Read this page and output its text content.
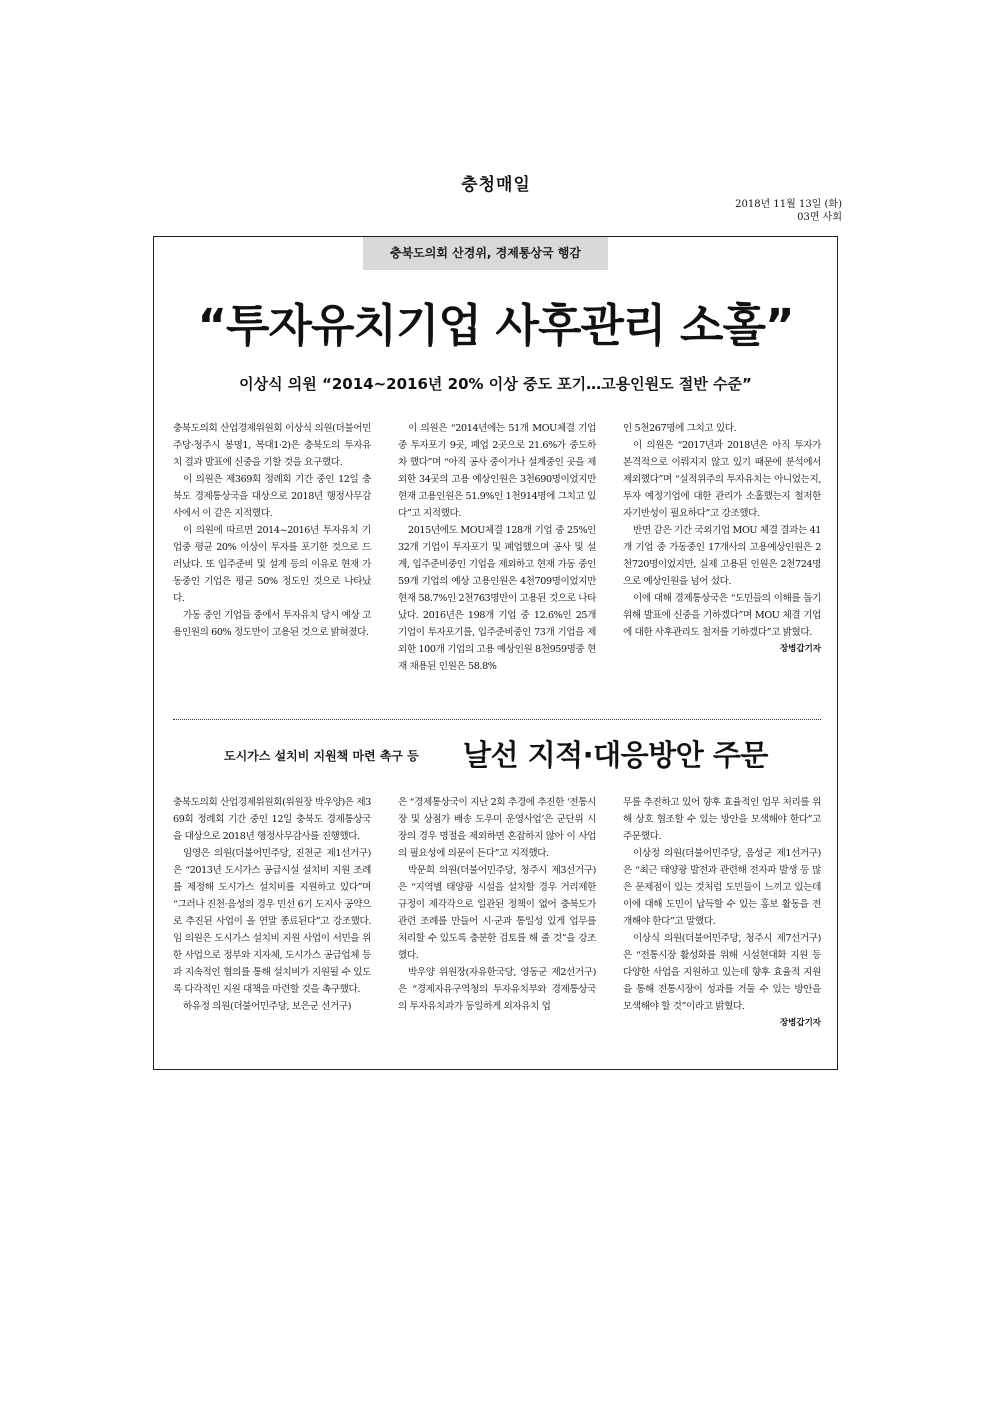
충청매일
2018년 11월 13일 (화)
03면 사회
충북도의회 산경위, 경제통상국 행감
“투자유치기업 사후관리 소홀”
이상식 의원 “2014~2016년 20% 이상 중도 포기…고용인원도 절반 수준”

충북도의회 산업경제위원회 이상식 의원(더불어민주당·청주시 봉명1, 복대1·2)은 충북도의 투자유치 결과 발표에 신중을 기할 것을 요구했다.

이 의원은 제369회 정례회 기간 중인 12일 충북도 경제통상국을 대상으로 2018년 행정사무감사에서 이 같은 지적했다.

이 의원에 따르면 2014~2016년 투자유치 기업중 평균 20% 이상이 투자를 포기한 것으로 드러났다. 또 입주준비 및 설계 등의 이유로 현재 가동중인 기업은 평균 50% 정도인 것으로 나타났다.

가동 중인 기업들 중에서 투자유치 당시 예상 고용인원의 60% 정도만이 고용된 것으로 밝혀졌다.

이 의원은 “2014년에는 51개 MOU체결 기업 중 투자포기 9곳, 폐업 2곳으로 21.6%가 중도하차 했다”며 “아직 공사 중이거나 설계중인 곳을 제외한 34곳의 고용 예상인원은 3천690명이었지만 현재 고용인원은 51.9%인 1천914명에 그치고 있다”고 지적했다.

2015년에도 MOU체결 128개 기업 중 25%인 32개 기업이 투자포기 및 폐업했으며 공사 및 설계, 입주준비중인 기업을 제외하고 현재 가동 중인 59개 기업의 예상 고용인원은 4천709명이었지만 현재 58.7%인 2천763명만이 고용된 것으로 나타났다. 2016년은 198개 기업 중 12.6%인 25개 기업이 투자포기를, 입주준비중인 73개 기업을 제외한 100개 기업의 고용 예상인원 8천959명중 현재 채용된 인원은 58.8%

인 5천267명에 그치고 있다.

이 의원은 “2017년과 2018년은 아직 투자가 본격적으로 이뤄지지 않고 있기 때문에 분석에서 제외했다”며 “실적위주의 투자유치는 아니었는지, 투자 예정기업에 대한 관리가 소홀했는지 철저한 자기반성이 필요하다”고 강조했다.

반면 같은 기간 국외기업 MOU 체결 결과는 41개 기업 중 가동중인 17개사의 고용예상인원은 2천720명이었지만, 실제 고용된 인원은 2천724명으로 예상인원을 넘어 섰다.

이에 대해 경제통상국은 “도민들의 이해를 돕기 위해 발표에 신중을 기하겠다”며 MOU 체결 기업에 대한 사후관리도 철저를 기하겠다”고 밝혔다.

장병갑기자
도시가스 설치비 지원책 마련 촉구 등 날선 지적·대응방안 주문

충북도의회 산업경제위원회(위원장 박우양)은 제369회 정례회 기간 중인 12일 충북도 경제통상국을 대상으로 2018년 행정사무감사를 진행했다.

임영은 의원(더불어민주당, 진천군 제1선거구)은 “2013년 도시가스 공급시설 설치비 지원 조례를 제정해 도시가스 설치비를 지원하고 있다”며 “그러나 진천·음성의 경우 민선 6기 도지사 공약으로 추진된 사업이 올 연말 종료된다”고 강조했다. 임 의원은 도시가스 설치비 지원 사업이 서민을 위한 사업으로 정부와 지자체, 도시가스 공급업체 등과 지속적인 협의를 통해 설치비가 지원될 수 있도록 다각적인 지원 대책을 마련할 것을 촉구했다.

하유정 의원(더불어민주당, 보은군 선거구)

은 “경제통상국이 지난 2회 추경에 추진한 ‘전통시장 및 상점가 배송 도우미 운영사업’은 군단위 시장의 경우 명절을 제외하면 혼잡하지 않아 이 사업의 필요성에 의문이 든다”고 지적했다.

박문희 의원(더불어민주당, 청주시 제3선거구)은 “지역별 태양광 시설을 설치할 경우 거리제한 규정이 제각각으로 일관된 정책이 없어 충북도가 관련 조례를 만들어 시·군과 통일성 있게 업무를 처리할 수 있도록 충분한 검토를 해 줄 것”을 강조했다.

박우양 위원장(자유한국당, 영동군 제2선거구)은 “경제자유구역청의 투자유치부와 경제통상국의 투자유치과가 동일하게 외자유치 업

무를 추진하고 있어 향후 효율적인 업무 처리를 위해 상호 협조할 수 있는 방안을 모색해야 한다”고 주문했다.

이상정 의원(더불어민주당, 음성군 제1선거구)은 “최근 태양광 발전과 관련해 전자파 발생 등 많은 문제점이 있는 것처럼 도민들이 느끼고 있는데 이에 대해 도민이 납득할 수 있는 홍보 활동을 전개해야 한다”고 말했다.

이상식 의원(더불어민주당, 청주시 제7선거구)은 “전통시장 활성화를 위해 시설현대화 지원 등 다양한 사업을 지원하고 있는데 향후 효율적 지원을 통해 전통시장이 성과를 거둘 수 있는 방안을 모색해야 할 것”이라고 밝혔다.

장병갑기자
